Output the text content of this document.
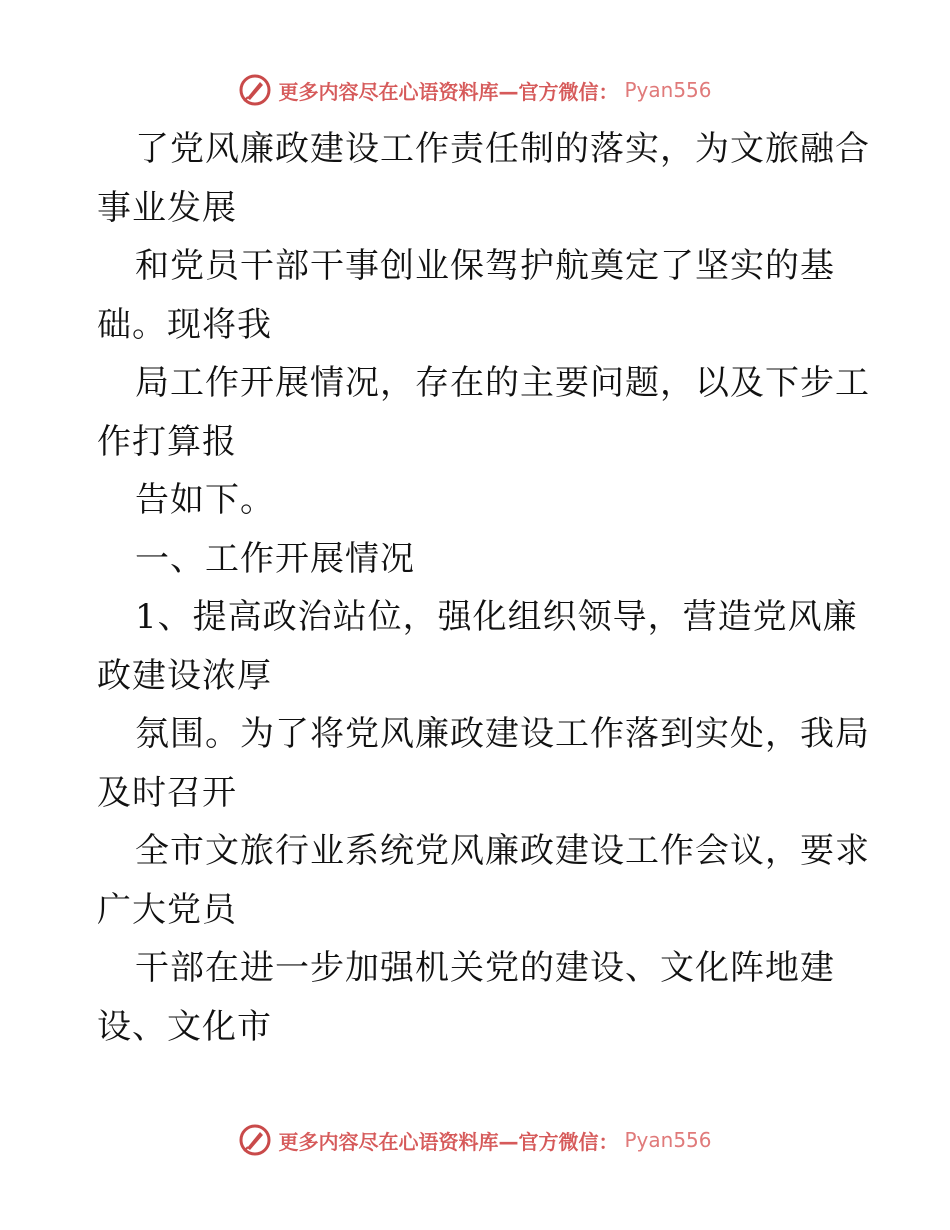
更多内容尽在心语资料库—官方微信： Pyan556
了党风廉政建设工作责任制的落实，为文旅融合
事业发展
和党员干部干事创业保驾护航奠定了坚实的基
础。现将我
局工作开展情况，存在的主要问题，以及下步工
作打算报
告如下。
一、工作开展情况
1、提高政治站位，强化组织领导，营造党风廉
政建设浓厚
氛围。为了将党风廉政建设工作落到实处，我局
及时召开
全市文旅行业系统党风廉政建设工作会议，要求
广大党员
干部在进一步加强机关党的建设、文化阵地建
设、文化市
更多内容尽在心语资料库—官方微信： Pyan556
